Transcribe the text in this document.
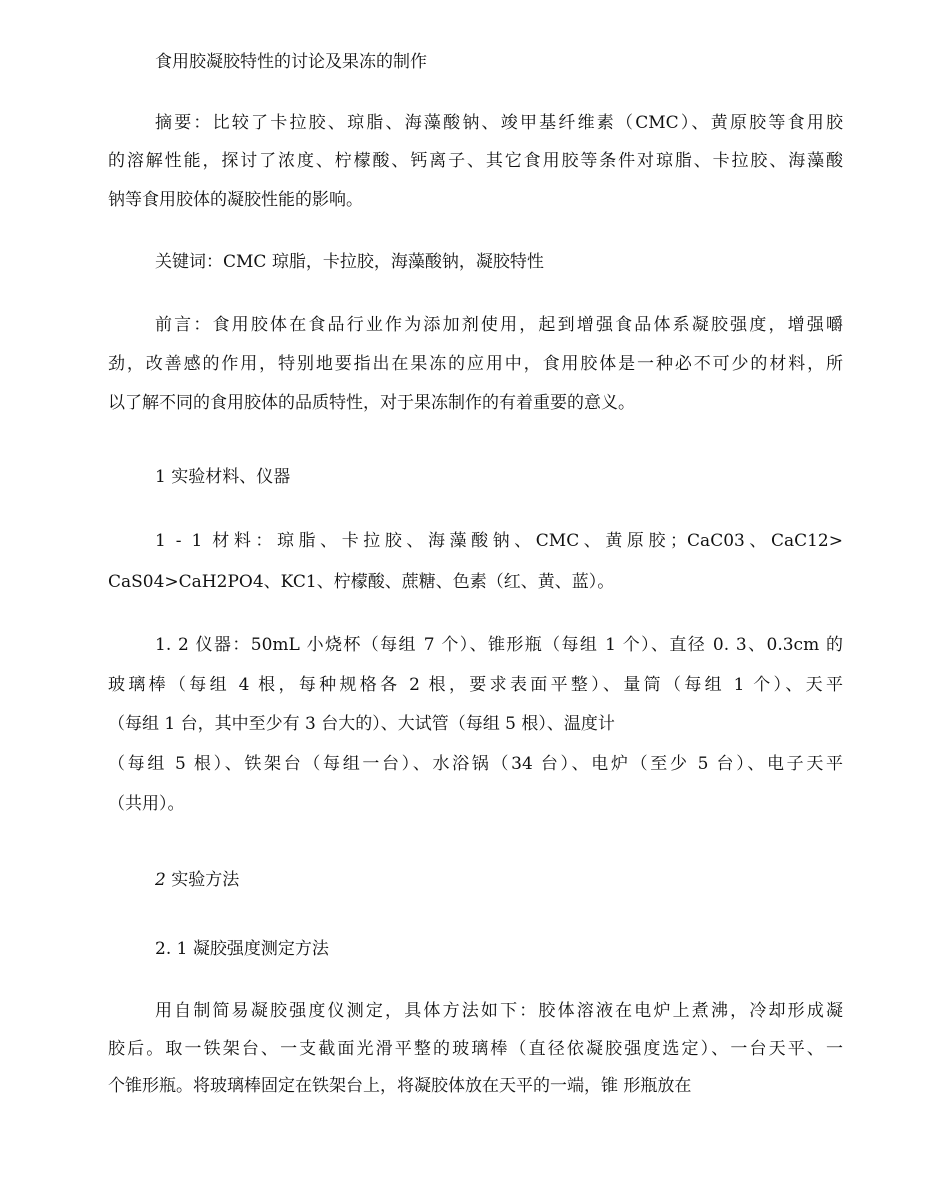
食用胶凝胶特性的讨论及果冻的制作
摘要：比较了卡拉胶、琼脂、海藻酸钠、竣甲基纤维素（CMC）、黄原胶等食用胶
的溶解性能，探讨了浓度、柠檬酸、钙离子、其它食用胶等条件对琼脂、卡拉胶、海藻酸
钠等食用胶体的凝胶性能的影响。
关键词：CMC 琼脂，卡拉胶，海藻酸钠，凝胶特性
前言：食用胶体在食品行业作为添加剂使用，起到增强食品体系凝胶强度，增强嚼
劲，改善感的作用，特别地要指出在果冻的应用中，食用胶体是一种必不可少的材料，所
以了解不同的食用胶体的品质特性，对于果冻制作的有着重要的意义。
1 实验材料、仪器
1 - 1 材料：琼脂、卡拉胶、海藻酸钠、CMC、黄原胶；CaC03、CaC12>
CaS04>CaH2PO4、KC1、柠檬酸、蔗糖、色素（红、黄、蓝）。
1. 2 仪器：50mL 小烧杯（每组 7 个）、锥形瓶（每组 1 个）、直径 0. 3、0.3cm 的
玻璃棒（每组 4 根，每种规格各 2 根，要求表面平整）、量筒（每组 1 个）、天平
（每组 1 台，其中至少有 3 台大的）、大试管（每组 5 根）、温度计
（每组 5 根）、铁架台（每组一台）、水浴锅（34 台）、电炉（至少 5 台）、电子天平
（共用）。
2 实验方法
2. 1 凝胶强度测定方法
用自制简易凝胶强度仪测定，具体方法如下：胶体溶液在电炉上煮沸，冷却形成凝
胶后。取一铁架台、一支截面光滑平整的玻璃棒（直径依凝胶强度选定）、一台天平、一
个锥形瓶。将玻璃棒固定在铁架台上，将凝胶体放在天平的一端，锥 形瓶放在
